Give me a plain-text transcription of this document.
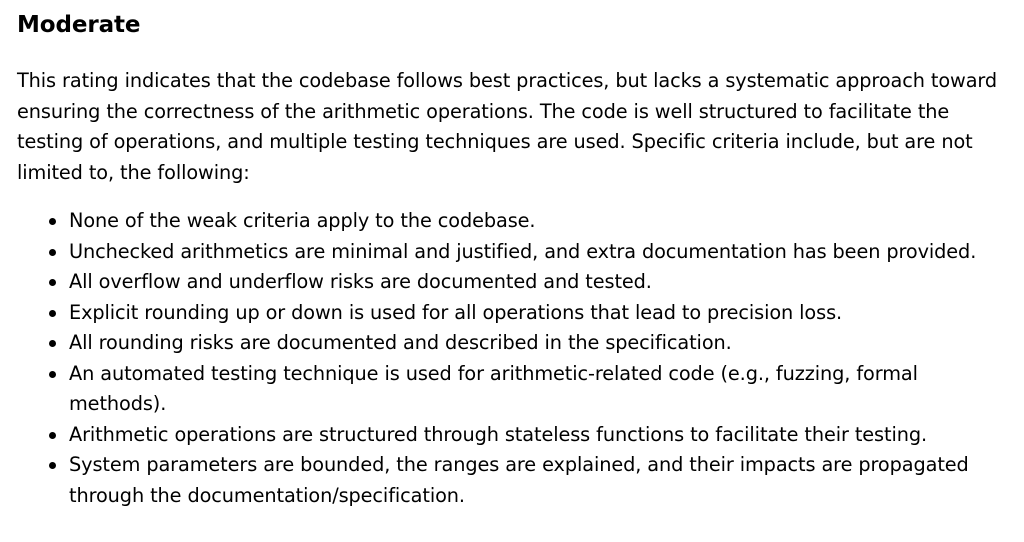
Moderate

This rating indicates that the codebase follows best practices, but lacks a systematic approach toward ensuring the correctness of the arithmetic operations. The code is well structured to facilitate the testing of operations, and multiple testing techniques are used. Specific criteria include, but are not limited to, the following:

None of the weak criteria apply to the codebase.
Unchecked arithmetics are minimal and justified, and extra documentation has been provided.
All overflow and underflow risks are documented and tested.
Explicit rounding up or down is used for all operations that lead to precision loss.
All rounding risks are documented and described in the specification.
An automated testing technique is used for arithmetic-related code (e.g., fuzzing, formal methods).
Arithmetic operations are structured through stateless functions to facilitate their testing.
System parameters are bounded, the ranges are explained, and their impacts are propagated through the documentation/specification.
